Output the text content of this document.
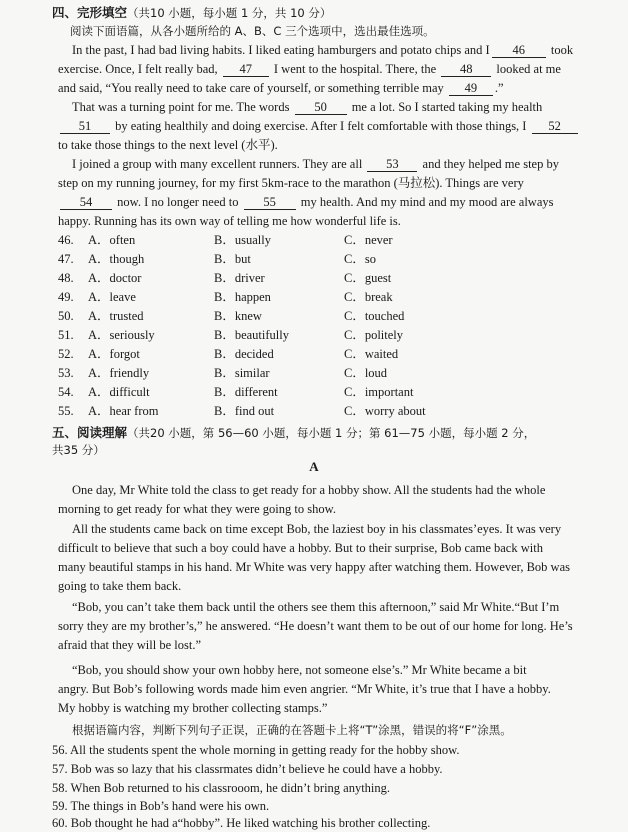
四、完形填空（共10 小题，每小题 1 分，共 10 分）
阅读下面语篇，从各小题所给的 A、B、C 三个选项中，选出最佳选项。
In the past, I had bad living habits. I liked eating hamburgers and potato chips and I 46 took
exercise. Once, I felt really bad, 47 I went to the hospital. There, the 48 looked at me
and said, “You really need to take care of yourself, or something terrible may 49 .”
That was a turning point for me. The words 50 me a lot. So I started taking my health
51 by eating healthily and doing exercise. After I felt comfortable with those things, I 52
to take those things to the next level (水平).
I joined a group with many excellent runners. They are all 53 and they helped me step by
step on my running journey, for my first 5km-race to the marathon (马拉松). Things are very
54 now. I no longer need to 55 my health. And my mind and my mood are always
happy. Running has its own way of telling me how wonderful life is.
46. A．often	B．usually	C．never
47. A．though	B．but	C．so
48. A．doctor	B．driver	C．guest
49. A．leave	B．happen	C．break
50. A．trusted	B．knew	C．touched
51. A．seriously	B．beautifully	C．politely
52. A．forgot	B．decided	C．waited
53. A．friendly	B．similar	C．loud
54. A．difficult	B．different	C．important
55. A．hear from	B．find out	C．worry about
五、阅读理解（共20 小题，第 56—60 小题，每小题 1 分；第 61—75 小题，每小题 2 分，
共35 分）
A
One day, Mr White told the class to get ready for a hobby show. All the students had the whole
morning to get ready for what they were going to show.
All the students came back on time except Bob, the laziest boy in his classmates’eyes. It was very
difficult to believe that such a boy could have a hobby. But to their surprise, Bob came back with
many beautiful stamps in his hand. Mr White was very happy after watching them. However, Bob was
going to take them back.
“Bob, you can’t take them back until the others see them this afternoon,” said Mr White.“But I’m
sorry they are my brother’s,” he answered. “He doesn’t want them to be out of our home for long. He’s
afraid that they will be lost.”
“Bob, you should show your own hobby here, not someone else’s.” Mr White became a bit
angry. But Bob’s following words made him even angrier. “Mr White, it’s true that I have a hobby.
My hobby is watching my brother collecting stamps.”
根据语篇内容，判断下列句子正误，正确的在答题卡上将“T”涂黑，错误的将“F”涂黑。
56. All the students spent the whole morning in getting ready for the hobby show.
57. Bob was so lazy that his classrmates didn’t believe he could have a hobby.
58. When Bob returned to his classrooom, he didn’t bring anything.
59. The things in Bob’s hand were his own.
60. Bob thought he had a“hobby”. He liked watching his brother collecting.
